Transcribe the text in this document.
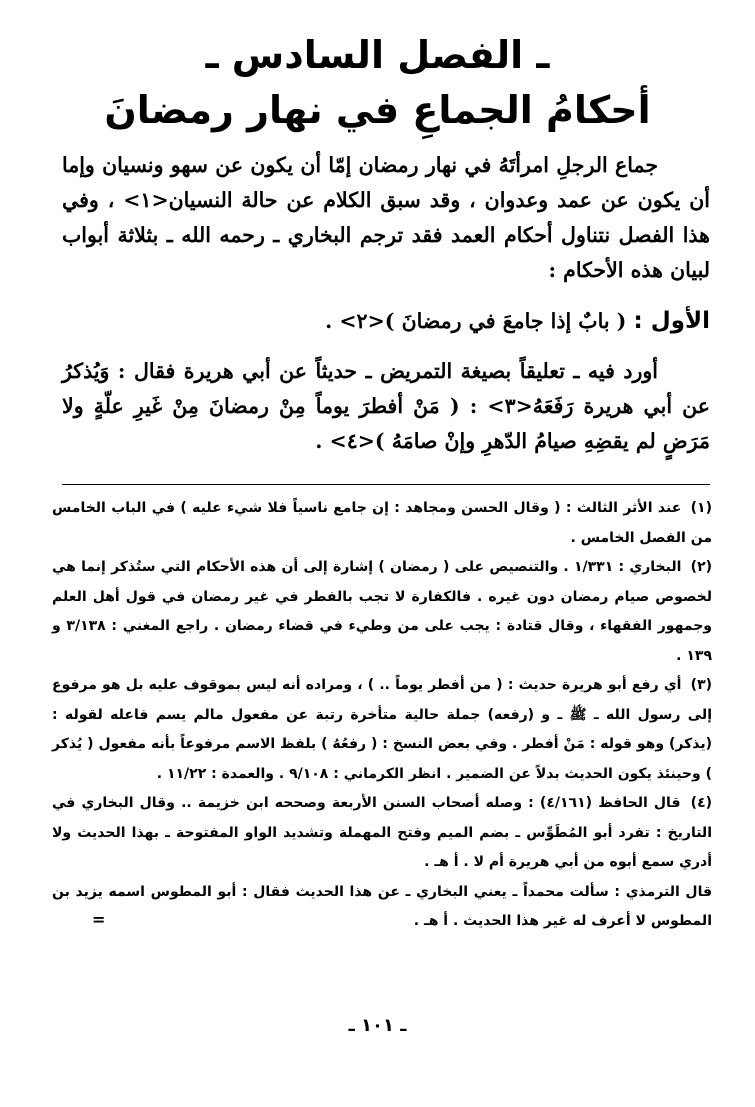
ـ الفصل السادس ـ
أحكامُ الجماعِ في نهار رمضانَ
جماع الرجلِ امرأتَهُ في نهار رمضان إمّا أن يكون عن سهو ونسيان وإما أن يكون عن عمد وعدوان ، وقد سبق الكلام عن حالة النسيان<١> ، وفي هذا الفصل نتناول أحكام العمد فقد ترجم البخاري ـ رحمه الله ـ بثلاثة أبواب لبيان هذه الأحكام :
الأول : ( بابٌ إذا جامعَ في رمضانَ )<٢> .
أورد فيه ـ تعليقاً بصيغة التمريض ـ حديثاً عن أبي هريرة فقال : وَيُذكرُ عن أبي هريرة رَفَعَهُ<٣> : ( مَنْ أفطرَ يوماً مِنْ رمضانَ مِنْ غَيرِ علّةٍ ولا مَرَضٍ لم يقضِهِ صيامُ الدّهرِ وإنْ صامَهُ )<٤> .
(١) عند الأثر الثالث : ( وقال الحسن ومجاهد : إن جامع ناسياً فلا شيء عليه ) في الباب الخامس من الفصل الخامس .
(٢) البخاري : ١/٣٣١ . والتنصيص على ( رمضان ) إشارة إلى أن هذه الأحكام التي ستُذكر إنما هي لخصوص صيام رمضان دون غيره . فالكفارة لا تجب بالفطر في غير رمضان في قول أهل العلم وجمهور الفقهاء ، وقال قتادة : يجب على من وطيء في قضاء رمضان . راجع المغني : ٣/١٣٨ و ١٣٩ .
(٣) أي رفع أبو هريرة حديث : ( من أفطر يوماً .. ) ، ومراده أنه ليس بموقوف عليه بل هو مرفوع إلى رسول الله ـ ﷺ ـ و (رفعه) جملة حالية متأخرة رتبة عن مفعول مالم يسم فاعله لقوله : (يذكر) وهو قوله : مَنْ أفطر . وفي بعض النسخ : ( رفعُهُ ) بلفظ الاسم مرفوعاً بأنه مفعول ( يُذكر ) وحينئذ يكون الحديث بدلاً عن الضمير . انظر الكرماني : ٩/١٠٨ . والعمدة : ١١/٢٢ .
(٤) قال الحافظ (٤/١٦١) : وصله أصحاب السنن الأربعة وصححه ابن خزيمة .. وقال البخاري في التاريخ : تفرد أبو المُطَوِّس ـ بضم الميم وفتح المهملة وتشديد الواو المفتوحة ـ بهذا الحديث ولا أدري سمع أبوه من أبي هريرة أم لا . أ هـ .
قال الترمذي : سألت محمداً ـ يعني البخاري ـ عن هذا الحديث فقال : أبو المطوس اسمه يزيد بن المطوس لا أعرف له غير هذا الحديث . أ هـ .
=
ـ ١٠١ ـ
